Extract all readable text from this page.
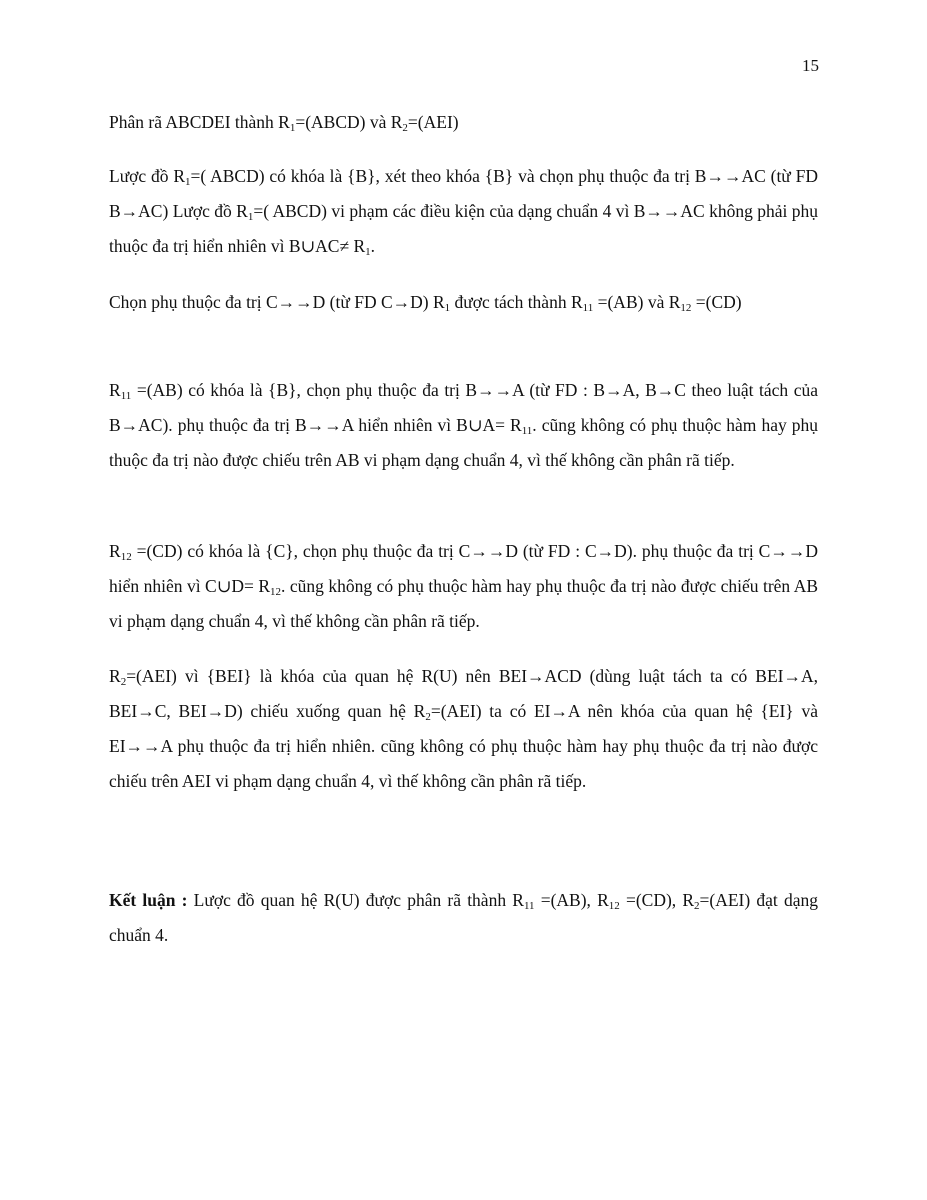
15

Phân rã ABCDEI thành $R_1=(ABCD)$ và $R_2=(AEI)$

Lược đồ $R_1=$( ABCD) có khóa là {B}, xét theo khóa {B} và chọn phụ thuộc đa trị B→→AC (từ FD B→AC) Lược đồ $R_1=$( ABCD) vi phạm các điều kiện của dạng chuẩn 4 vì B→→AC không phải phụ thuộc đa trị hiển nhiên vì B∪AC≠ $R_1$.

Chọn phụ thuộc đa trị C→→D (từ FD C→D) $R_1$ được tách thành $R_{11} =(AB)$ và $R_{12} =(CD)$

$R_{11} =(AB)$ có khóa là {B}, chọn phụ thuộc đa trị B→→A (từ FD : B→A, B→C theo luật tách của B→AC). phụ thuộc đa trị B→→A hiển nhiên vì B∪A= $R_{11}$. cũng không có phụ thuộc hàm hay phụ thuộc đa trị nào được chiếu trên AB vi phạm dạng chuẩn 4, vì thế không cần phân rã tiếp.

$R_{12} =(CD)$ có khóa là {C}, chọn phụ thuộc đa trị C→→D (từ FD : C→D). phụ thuộc đa trị C→→D hiển nhiên vì C∪D= $R_{12}$. cũng không có phụ thuộc hàm hay phụ thuộc đa trị nào được chiếu trên AB vi phạm dạng chuẩn 4, vì thế không cần phân rã tiếp.

$R_2=(AEI)$ vì {BEI} là khóa của quan hệ R(U) nên BEI→ACD (dùng luật tách ta có BEI→A, BEI→C, BEI→D) chiếu xuống quan hệ $R_2=(AEI)$ ta có EI→A nên khóa của quan hệ {EI} và EI→→A phụ thuộc đa trị hiển nhiên. cũng không có phụ thuộc hàm hay phụ thuộc đa trị nào được chiếu trên AEI vi phạm dạng chuẩn 4, vì thế không cần phân rã tiếp.

Kết luận : Lược đồ quan hệ R(U) được phân rã thành $R_{11} =(AB)$, $R_{12} =(CD)$, $R_2=(AEI)$ đạt dạng chuẩn 4.
